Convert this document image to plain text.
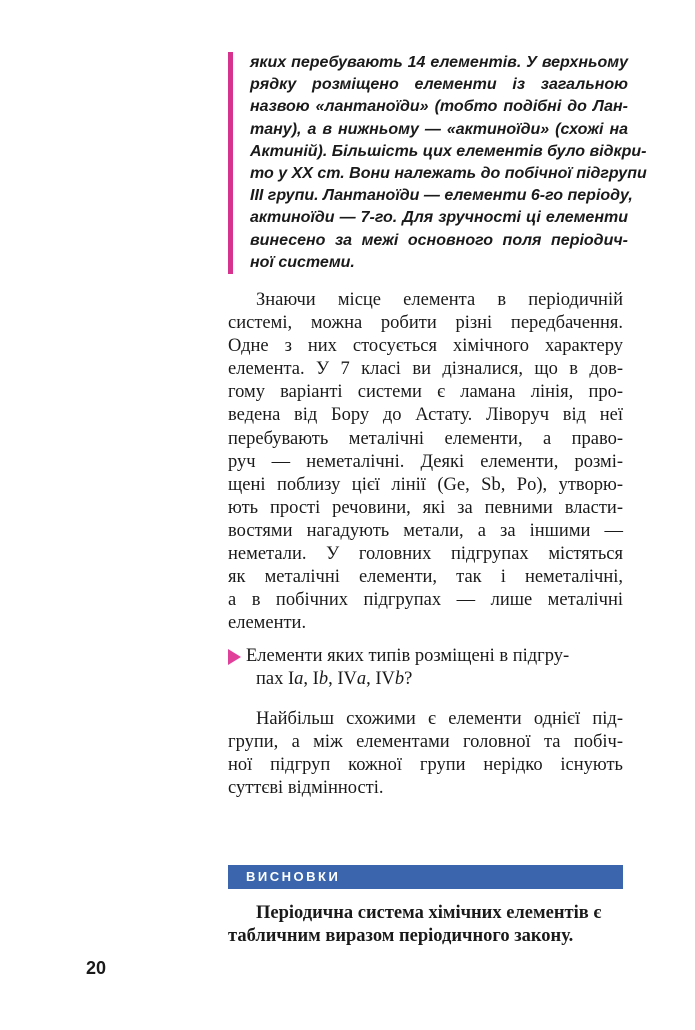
яких перебувають 14 елементів. У верхньому
рядку розміщено елементи із загальною
назвою «лантаноїди» (тобто подібні до Лан-
тану), а в нижньому — «актиноїди» (схожі на
Актиній). Більшість цих елементів було відкри-
то у ХХ ст. Вони належать до побічної підгрупи
ІІІ групи. Лантаноїди — елементи 6-го періоду,
актиноїди — 7-го. Для зручності ці елементи
винесено за межі основного поля періодич-
ної системи.
Знаючи місце елемента в періодичній
системі, можна робити різні передбачення.
Одне з них стосується хімічного характеру
елемента. У 7 класі ви дізналися, що в дов-
гому варіанті системи є ламана лінія, про-
ведена від Бору до Астату. Ліворуч від неї
перебувають металічні елементи, а право-
руч — неметалічні. Деякі елементи, розмі-
щені поблизу цієї лінії (Ge, Sb, Po), утворю-
ють прості речовини, які за певними власти-
востями нагадують метали, а за іншими —
неметали. У головних підгрупах містяться
як металічні елементи, так і неметалічні,
а в побічних підгрупах — лише металічні
елементи.
Елементи яких типів розміщені в підгру-
пах Ia, Ib, IVa, IVb?
Найбільш схожими є елементи однієї під-
групи, а між елементами головної та побіч-
ної підгруп кожної групи нерідко існують
суттєві відмінності.
ВИСНОВКИ
Періодична система хімічних елементів є
табличним виразом періодичного закону.
20
